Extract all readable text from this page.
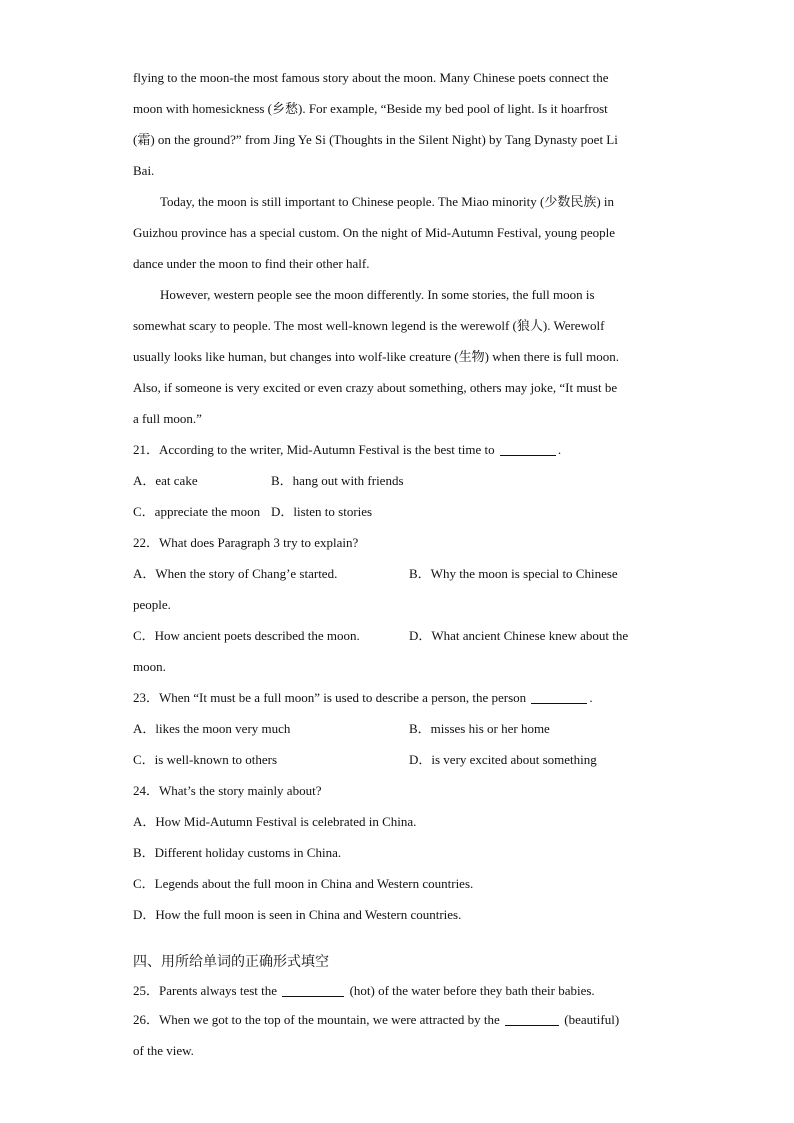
flying to the moon-the most famous story about the moon. Many Chinese poets connect the
moon with homesickness (乡愁). For example, “Beside my bed pool of light. Is it hoarfrost
(霜) on the ground?” from Jing Ye Si (Thoughts in the Silent Night) by Tang Dynasty poet Li
Bai.
Today, the moon is still important to Chinese people. The Miao minority (少数民族) in
Guizhou province has a special custom. On the night of Mid-Autumn Festival, young people
dance under the moon to find their other half.
However, western people see the moon differently. In some stories, the full moon is
somewhat scary to people. The most well-known legend is the werewolf (狼人). Werewolf
usually looks like human, but changes into wolf-like creature (生物) when there is full moon.
Also, if someone is very excited or even crazy about something, others may joke, “It must be
a full moon.”
21．According to the writer, Mid-Autumn Festival is the best time to	.
A．eat cake	B．hang out with friends
C．appreciate the moon D．listen to stories
22．What does Paragraph 3 try to explain?
A．When the story of Chang’e started.	B．Why the moon is special to Chinese
people.
C．How ancient poets described the moon.	D．What ancient Chinese knew about the
moon.
23．When “It must be a full moon” is used to describe a person, the person	.
A．likes the moon very much	B．misses his or her home
C．is well-known to others	D．is very excited about something
24．What’s the story mainly about?
A．How Mid-Autumn Festival is celebrated in China.
B．Different holiday customs in China.
C．Legends about the full moon in China and Western countries.
D．How the full moon is seen in China and Western countries.
四、用所给单词的正确形式填空
25．Parents always test the	(hot) of the water before they bath their babies.
26．When we got to the top of the mountain, we were attracted by the	(beautiful)
of the view.
